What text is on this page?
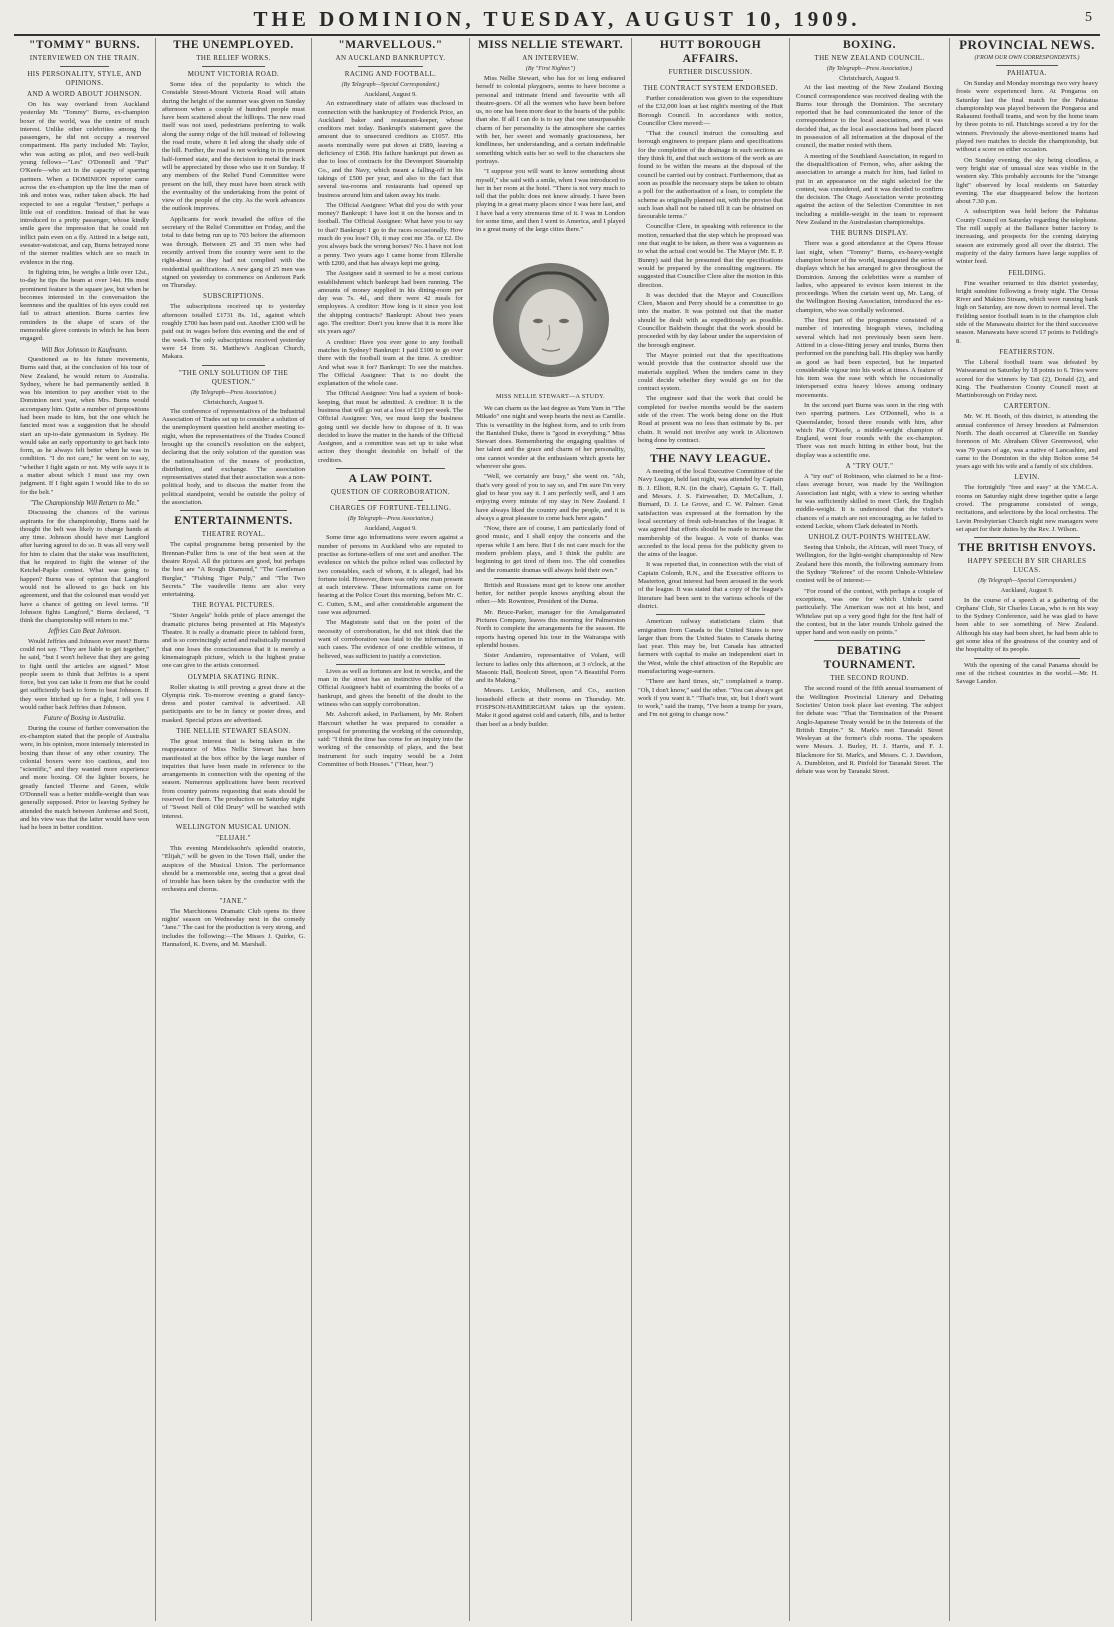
THE DOMINION, TUESDAY, AUGUST 10, 1909.	5
"TOMMY" BURNS.
INTERVIEWED ON THE TRAIN.
HIS PERSONALITY, STYLE, AND OPINIONS.
AND A WORD ABOUT JOHNSON.

On his way overland from Auckland yesterday Mr. "Tommy" Burns, ex-champion boxer of the world, was the centre of much interest. Unlike other celebrities among the passengers, he did not occupy a reserved compartment. His party included Mr. Taylor, who was acting as pilot, and two well-built young fellows—"Les" O'Donnell and "Pat" O'Keefe—who act in the capacity of sparring partners. When a DOMINION reporter came across the ex-champion up the line the man of ink and notes was, rather taken aback. He had expected to see a regular "bruiser," perhaps a little out of condition. Instead of that he was introduced to a pretty passenger, whose kindly smile gave the impression that he could not inflict pain even on a fly. Attired in a beige suit, sweater-waistcoat, and cap, Burns betrayed none of the sterner realities which are so much in evidence in the ring.

In fighting trim, he weighs a little over 12st., to-day he tips the beam at over 14st. His most prominent feature is the square jaw, but when he becomes interested in the conversation the keenness and the qualities of his eyes could not fail to attract attention. Burns carries few reminders in the shape of scars of the memorable glove contests in which he has been engaged.

Will Box Johnson in Kaufmann.

Questioned as to his future movements, Burns said that, at the conclusion of his tour of New Zealand, he would return to Australia. Sydney, where he had permanently settled. It was his intention to pay another visit to the Dominion next year, when Mrs. Burns would accompany him. Quite a number of propositions had been made to him, but the one which he fancied most was a suggestion that he should start an up-to-date gymnasium in Sydney. He would take an early opportunity to get back into form, as he always felt better when he was in condition. "I do not care," he went on to say, "whether I fight again or not. My wife says it is a matter about which I must use my own judgment. If I fight again I would like to do so for the belt."

"The Championship Will Return to Me."

Discussing the chances of the various aspirants for the championship, Burns said he thought the belt was likely to change hands at any time. Johnson should have met Langford after having agreed to do so. It was all very well for him to claim that the stake was insufficient, that he required to fight the winner of the Ketchel-Papke contest. What was going to happen? Burns was of opinion that Langford would not be allowed to go back on his agreement, and that the coloured man would yet have a chance of getting on level terms. "If Johnson fights Langford," Burns declared, "I think the championship will return to me."

Jeffries Can Beat Johnson.

Would Jeffries and Johnson ever meet? Burns could not say. "They are liable to get together," he said, "but I won't believe that they are going to fight until the articles are signed." Most people seem to think that Jeffries is a spent force, but you can take it from me that he could get sufficiently back to form to beat Johnson. If they were hitched up for a fight, I tell you I would rather back Jeffries than Johnson.

Future of Boxing in Australia.

During the course of further conversation the ex-champion stated that the people of Australia were, in his opinion, more intensely interested in boxing than those of any other country. The colonial boxers were too cautious, and too "scientific," and they wanted more experience and more boxing. Of the lighter boxers, he greatly fancied Thorne and Green, while O'Donnell was a better middle-weight than was generally supposed. Prior to leaving Sydney he attended the match between Ambrose and Scott, and his view was that the latter would have won had he been in better condition.

THE UNEMPLOYED.
THE RELIEF WORKS.
MOUNT VICTORIA ROAD.

Some idea of the popularity to which the Constable Street-Mount Victoria Road will attain during the height of the summer was given on Sunday afternoon when a couple of hundred people must have been scattered about the hilltops. The new road itself was not used, pedestrians preferring to walk along the sunny ridge of the hill instead of following the road route, where it led along the shady side of the hill. Further, the road is not working in its present half-formed state, and the decision to metal the track will be appreciated by those who use it on Sunday. If any members of the Relief Fund Committee were present on the hill, they must have been struck with the eventuality of the undertaking from the point of view of the people of the city. As the work advances the outlook improves.

Applicants for work invaded the office of the secretary of the Relief Committee on Friday, and the total to date being run up to 703 before the afternoon was through. Between 25 and 35 men who had recently arrived from the country were sent to the right-about as they had not complied with the residential qualifications. A new gang of 25 men was signed on yesterday to commence on Anderson Park on Thursday.

SUBSCRIPTIONS.

The subscriptions received up to yesterday afternoon totalled £1731 8s. 1d., against which roughly £700 has been paid out. Another £300 will be paid out in wages before this evening and the end of the week. The only subscriptions received yesterday were £4 from St. Matthew's Anglican Church, Makara.

"THE ONLY SOLUTION OF THE QUESTION."
(By Telegraph—Press Association.)
Christchurch, August 9.

The conference of representatives of the Industrial Association of Trades set up to consider a solution of the unemployment question held another meeting to-night, when the representatives of the Trades Council brought up the council's resolution on the subject, declaring that the only solution of the question was the nationalisation of the means of production, distribution, and exchange. The association representatives stated that their association was a non-political body, and to discuss the matter from the political standpoint, would be outside the policy of the association.

ENTERTAINMENTS.
THEATRE ROYAL.

The capital programme being presented by the Brennan-Fuller firm is one of the best seen at the theatre Royal. All the pictures are good, but perhaps the best are "A Rough Diamond," "The Gentleman Burglar," "Fishing Tiger Pulp," and "The Two Secrets." The vaudeville items are also very entertaining.

THE ROYAL PICTURES.

"Sister Angela" holds pride of place amongst the dramatic pictures being presented at His Majesty's Theatre. It is really a dramatic piece in tabloid form, and is so convincingly acted and realistically mounted that one loses the consciousness that it is merely a kinematograph picture, which is the highest praise one can give to the artists concerned.

OLYMPIA SKATING RINK.

Roller skating is still proving a great draw at the Olympia rink. To-morrow evening a grand fancy-dress and poster carnival is advertised. All participants are to be in fancy or poster dress, and masked. Special prizes are advertised.

THE NELLIE STEWART SEASON.

The great interest that is being taken in the reappearance of Miss Nellie Stewart has been manifested at the box office by the large number of inquiries that have been made in reference to the arrangements in connection with the opening of the season. Numerous applications have been received from country patrons requesting that seats should be reserved for them. The production on Saturday night of "Sweet Nell of Old Drury" will be watched with interest.

WELLINGTON MUSICAL UNION.
"ELIJAH."

This evening Mendelssohn's splendid oratorio, "Elijah," will be given in the Town Hall, under the auspices of the Musical Union. The performance should be a memorable one, seeing that a great deal of trouble has been taken by the conductor with the orchestra and chorus.

"JANE."

The Marchioness Dramatic Club opens its three nights' season on Wednesday next in the comedy "Jane." The cast for the production is very strong, and includes the following:—The Misses J. Quirke, G. Hannaford, K. Evens, and M. Marshall.

"MARVELLOUS."
AN AUCKLAND BANKRUPTCY.
RACING AND FOOTBALL.
(By Telegraph—Special Correspondent.)
Auckland, August 9.

An extraordinary state of affairs was disclosed in connection with the bankruptcy of Frederick Price, an Auckland baker and restaurant-keeper, whose creditors met today. Bankrupt's statement gave the amount due to unsecured creditors as £1057. His assets nominally were put down at £689, leaving a deficiency of £368. His failure bankrupt put down as due to loss of contracts for the Devonport Steamship Co., and the Navy, which meant a falling-off in his takings of £500 per year, and also to the fact that several tea-rooms and restaurants had opened up business around him and taken away his trade.

The Official Assignee: What did you do with your money? Bankrupt: I have lost it on the horses and in football. The Official Assignee: What have you to say to that? Bankrupt: I go to the races occasionally. How much do you lose? Oh, it may cost me 35s. or £2. Do you always back the wrong horses? No. I have not lost a penny. Two years ago I came home from Ellerslie with £200, and that has always kept me going.

The Assignee said it seemed to be a most curious establishment which bankrupt had been running. The amounts of money supplied in his dining-room per day was 7s. 4d., and there were 42 meals for employees. A creditor: How long is it since you lost the shipping contracts? Bankrupt: About two years ago. The creditor: Don't you know that it is more like six years ago?

A creditor: Have you ever gone to any football matches in Sydney? Bankrupt: I paid £100 to go over there with the football team at the time. A creditor: And what was it for? Bankrupt: To see the matches. The Official Assignee: That is no doubt the explanation of the whole case.

The Official Assignee: You had a system of book-keeping, that must be admitted. A creditor: It is the business that will go out at a loss of £10 per week. The Official Assignee: Yes, we must keep the business going until we decide how to dispose of it. It was decided to leave the matter in the hands of the Official Assignee, and a committee was set up to take what action they thought desirable on behalf of the creditors.

A LAW POINT.
QUESTION OF CORROBORATION.
CHARGES OF FORTUNE-TELLING.
(By Telegraph—Press Association.)
Auckland, August 9.

Some time ago informations were sworn against a number of persons in Auckland who are reputed to practise as fortune-tellers of one sort and another. The evidence on which the police relied was collected by two constables, each of whom, it is alleged, had his fortune told. However, there was only one man present at each interview. These informations came on for hearing at the Police Court this morning, before Mr. C. C. Cutten, S.M., and after considerable argument the case was adjourned.

The Magistrate said that on the point of the necessity of corroboration, he did not think that the want of corroboration was fatal to the information in such cases. The evidence of one credible witness, if believed, was sufficient to justify a conviction.

Lives as well as fortunes are lost in wrecks, and the man in the street has an instinctive dislike of the Official Assignee's habit of examining the books of a bankrupt, and gives the benefit of the doubt to the witness who can supply corroboration.

Mr. Ashcroft asked, in Parliament, by Mr. Robert Harcourt whether he was prepared to consider a proposal for promoting the working of the censorship, said: "I think the time has come for an inquiry into the working of the censorship of plays, and the best instrument for such inquiry would be a Joint Committee of both Houses." ("Hear, hear.")

MISS NELLIE STEWART.
AN INTERVIEW.
(By "First Nighter.")

Miss Nellie Stewart, who has for so long endeared herself to colonial playgoers, seems to have become a personal and intimate friend and favourite with all theatre-goers. Of all the women who have been before us, no one has been more dear to the hearts of the public than she. If all I can do is to say that one unsurpassable charm of her personality is the atmosphere she carries with her, her sweet and womanly graciousness, her kindliness, her understanding, and a certain indefinable something which suits her so well to the characters she portrays.

"I suppose you will want to know something about myself," she said with a smile, when I was introduced to her in her room at the hotel. "There is not very much to tell that the public does not know already. I have been playing in a great many places since I was here last, and I have had a very strenuous time of it. I was in London for some time, and then I went to America, and I played in a great many of the large cities there."

MISS NELLIE STEWART—A STUDY.

We can charm us the last degree as Yum Yum in "The Mikado" one night and weep hearts the next as Camille. This is versatility in the highest form, and to crib from the Banished Duke, there is "good in everything." Miss Stewart does. Remembering the engaging qualities of her talent and the grace and charm of her personality, one cannot wonder at the enthusiasm which greets her wherever she goes.

"Well, we certainly are busy," she went on. "Ah, that's very good of you to say so, and I'm sure I'm very glad to hear you say it. I am perfectly well, and I am enjoying every minute of my stay in New Zealand. I have always liked the country and the people, and it is always a great pleasure to come back here again."

"Now, there are of course, I am particularly fond of good music, and I shall enjoy the concerts and the operas while I am here. But I do not care much for the modern problem plays, and I think the public are beginning to get tired of them too. The old comedies and the romantic dramas will always hold their own."

British and Russians must get to know one another better, for neither people knows anything about the other.—Mr. Rowntree, President of the Duma.

Mr. Bruce-Parker, manager for the Amalgamated Pictures Company, leaves this morning for Palmerston North to complete the arrangements for the season. He reports having opened his tour in the Wairarapa with splendid houses.

Sister Andamiro, representative of Volant, will lecture to ladies only this afternoon, at 3 o'clock, at the Masonic Hall, Boulcott Street, upon "A Beautiful Form and its Making."

Messrs. Leckie, Mullerson, and Co., auction household effects at their rooms on Thursday. Mr. FOSPSON-HAMBERGHAM takes up the system. Make it good against cold and catarrh, fills, and is better than beef as a body builder.

HUTT BOROUGH AFFAIRS.
FURTHER DISCUSSION.
THE CONTRACT SYSTEM ENDORSED.

Further consideration was given to the expenditure of the £32,000 loan at last night's meeting of the Hutt Borough Council. In accordance with notice, Councillor Clere moved:—

"That the council instruct the consulting and borough engineers to prepare plans and specifications for the completion of the drainage in such sections as they think fit, and that such sections of the work as are found to be within the means at the disposal of the council be carried out by contract. Furthermore, that as soon as possible the necessary steps be taken to obtain a poll for the authorisation of a loan, to complete the scheme as originally planned out, with the proviso that such loan shall not be raised till it can be obtained on favourable terms."

Councillor Clere, in speaking with reference to the motion, remarked that the step which he proposed was one that ought to be taken, as there was a vagueness as to what the actual cost would be. The Mayor (Mr. E. P. Bunny) said that he presumed that the specifications would be prepared by the consulting engineers. He suggested that Councillor Clere alter the motion in this direction.

It was decided that the Mayor and Councillors Clere, Mason and Perry should be a committee to go into the matter. It was pointed out that the matter should be dealt with as expeditiously as possible. Councillor Baldwin thought that the work should be proceeded with by day labour under the supervision of the borough engineer.

The Mayor pointed out that the specifications would provide that the contractor should use the materials supplied. When the tenders came in they could decide whether they would go on for the contract system.

The engineer said that the work that could be completed for twelve months would be the eastern side of the river. The work being done on the Hutt Road at present was no less than estimate by 8s. per chain. It would not involve any work in Alicetown being done by contract.

THE NAVY LEAGUE.

A meeting of the local Executive Committee of the Navy League, held last night, was attended by Captain B. J. Elliott, R.N. (in the chair), Captain G. T. Hall, and Messrs. J. S. Fairweather, D. McCallum, J. Burnard, D. J. Le Grove, and C. W. Palmer. Great satisfaction was expressed at the formation by the local secretary of fresh sub-branches of the league. It was agreed that efforts should be made to increase the membership of the league. A vote of thanks was accorded to the local press for the publicity given to the aims of the league.

It was reported that, in connection with the visit of Captain Colomb, R.N., and the Executive officers to Masterton, great interest had been aroused in the work of the league. It was stated that a copy of the league's literature had been sent to the various schools of the district.

American railway statisticians claim that emigration from Canada to the United States is now larger than from the United States to Canada during last year. This may be, but Canada has attracted farmers with capital to make an independent start in the West, while the chief attraction of the Republic are manufacturing wage-earners.

"There are hard times, sir," complained a tramp. "Oh, I don't know," said the other. "You can always get work if you want it." "That's true, sir, but I don't want to work," said the tramp, "I've been a tramp for years, and I'm not going to change now."

BOXING.
THE NEW ZEALAND COUNCIL.
(By Telegraph—Press Association.)
Christchurch, August 9.

At the last meeting of the New Zealand Boxing Council correspondence was received dealing with the Burns tour through the Dominion. The secretary reported that he had communicated the tenor of the correspondence to the local associations, and it was decided that, as the local associations had been placed in possession of all information at the disposal of the council, the matter rested with them.

A meeting of the Southland Association, in regard to the disqualification of Fernon, who, after asking the association to arrange a match for him, had failed to put in an appearance on the night selected for the contest, was considered, and it was decided to confirm the decision. The Otago Association wrote protesting against the action of the Selection Committee in not including a middle-weight in the team to represent New Zealand in the Australasian championships.

THE BURNS DISPLAY.

There was a good attendance at the Opera House last night, when "Tommy" Burns, ex-heavy-weight champion boxer of the world, inaugurated the series of displays which he has arranged to give throughout the Dominion. Among the celebrities were a number of ladies, who appeared to evince keen interest in the proceedings. When the curtain went up, Mr. Lang, of the Wellington Boxing Association, introduced the ex-champion, who was cordially welcomed.

The first part of the programme consisted of a number of interesting biograph views, including several which had not previously been seen here. Attired in a close-fitting jersey and trunks, Burns then performed on the punching ball. His display was hardly as good as had been expected, but he imparted considerable vigour into his work at times. A feature of his item was the ease with which he occasionally interspersed extra heavy blows among ordinary movements.

In the second part Burns was seen in the ring with two sparring partners. Les O'Donnell, who is a Queenslander, boxed three rounds with him, after which Pat O'Keefe, a middle-weight champion of England, went four rounds with the ex-champion. There was not much hitting in either bout, but the display was a scientific one.

A "TRY OUT."

A "try out" of Robinson, who claimed to be a first-class average boxer, was made by the Wellington Association last night, with a view to seeing whether he was sufficiently skilled to meet Clerk, the English middle-weight. It is understood that the visitor's chances of a match are not encouraging, as he failed to extend Leckie, whom Clark defeated in North.

UNHOLZ OUT-POINTS WHITELAW.

Seeing that Unholz, the African, will meet Tracy, of Wellington, for the light-weight championship of New Zealand here this month, the following summary from the Sydney "Referee" of the recent Unholz-Whitelaw contest will be of interest:—

"For round of the contest, with perhaps a couple of exceptions, was one for which Unholz cared particularly. The American was not at his best, and Whitelaw put up a very good fight for the first half of the contest, but in the later rounds Unholz gained the upper hand and won easily on points."

DEBATING TOURNAMENT.
THE SECOND ROUND.

The second round of the fifth annual tournament of the Wellington Provincial Literary and Debating Societies' Union took place last evening. The subject for debate was: "That the Termination of the Present Anglo-Japanese Treaty would be in the Interests of the British Empire." St. Mark's met Taranaki Street Wesleyan at the former's club rooms. The speakers were Messrs. J. Burley, H. J. Harris, and F. J. Blackmore for St. Mark's, and Messrs. C. J. Davidson, A. Dumbleton, and R. Pinfold for Taranaki Street. The debate was won by Taranaki Street.

PROVINCIAL NEWS.
(FROM OUR OWN CORRESPONDENTS.)
PAHIATUA.

On Sunday and Monday mornings two very heavy frosts were experienced here. At Pongaroa on Saturday last the final match for the Pahiatua championship was played between the Pongaroa and Rakaunui football teams, and won by the home team by three points to nil. Hutchings scored a try for the winners. Previously the above-mentioned teams had played two matches to decide the championship, but without a score on either occasion.

On Sunday evening, the sky being cloudless, a very bright star of unusual size was visible in the western sky. This probably accounts for the "strange light" observed by local residents on Saturday evening. The star disappeared below the horizon about 7.30 p.m.

A subscription was held before the Pahiatua County Council on Saturday regarding the telephone. The mill supply at the Ballance butter factory is increasing, and prospects for the coming dairying season are extremely good all over the district. The majority of the dairy farmers have large supplies of winter feed.

FEILDING.

Fine weather returned to this district yesterday, bright sunshine following a frosty night. The Oroua River and Makino Stream, which were running bank high on Saturday, are now down to normal level. The Feilding senior football team is in the champion club side of the Manawatu district for the third successive season. Manawatu have scored 17 points to Feilding's 8.

FEATHERSTON.

The Liberal football team was defeated by Waiwaranui on Saturday by 18 points to 6. Tries were scored for the winners by Tait (2), Donald (2), and King. The Featherston County Council meet at Martinborough on Friday next.

CARTERTON.

Mr. W. H. Booth, of this district, is attending the annual conference of Jersey breeders at Palmerston North. The death occurred at Clareville on Sunday forenoon of Mr. Abraham Oliver Greenwood, who was 79 years of age, was a native of Lancashire, and came to the Dominion in the ship Bolton some 54 years ago with his wife and a family of six children.

LEVIN.

The fortnightly "free and easy" at the Y.M.C.A. rooms on Saturday night drew together quite a large crowd. The programme consisted of songs, recitations, and selections by the local orchestra. The Levin Presbyterian Church night new managers were set apart for their duties by the Rev. J. Wilson.

THE BRITISH ENVOYS.
HAPPY SPEECH BY SIR CHARLES LUCAS.
(By Telegraph—Special Correspondent.)
Auckland, August 9.

In the course of a speech at a gathering of the Orphans' Club, Sir Charles Lucas, who is on his way to the Sydney Conference, said he was glad to have been able to see something of New Zealand. Although his stay had been short, he had been able to get some idea of the greatness of the country and of the hospitality of its people.

With the opening of the canal Panama should be one of the richest countries in the world.—Mr. H. Savage Landor.
